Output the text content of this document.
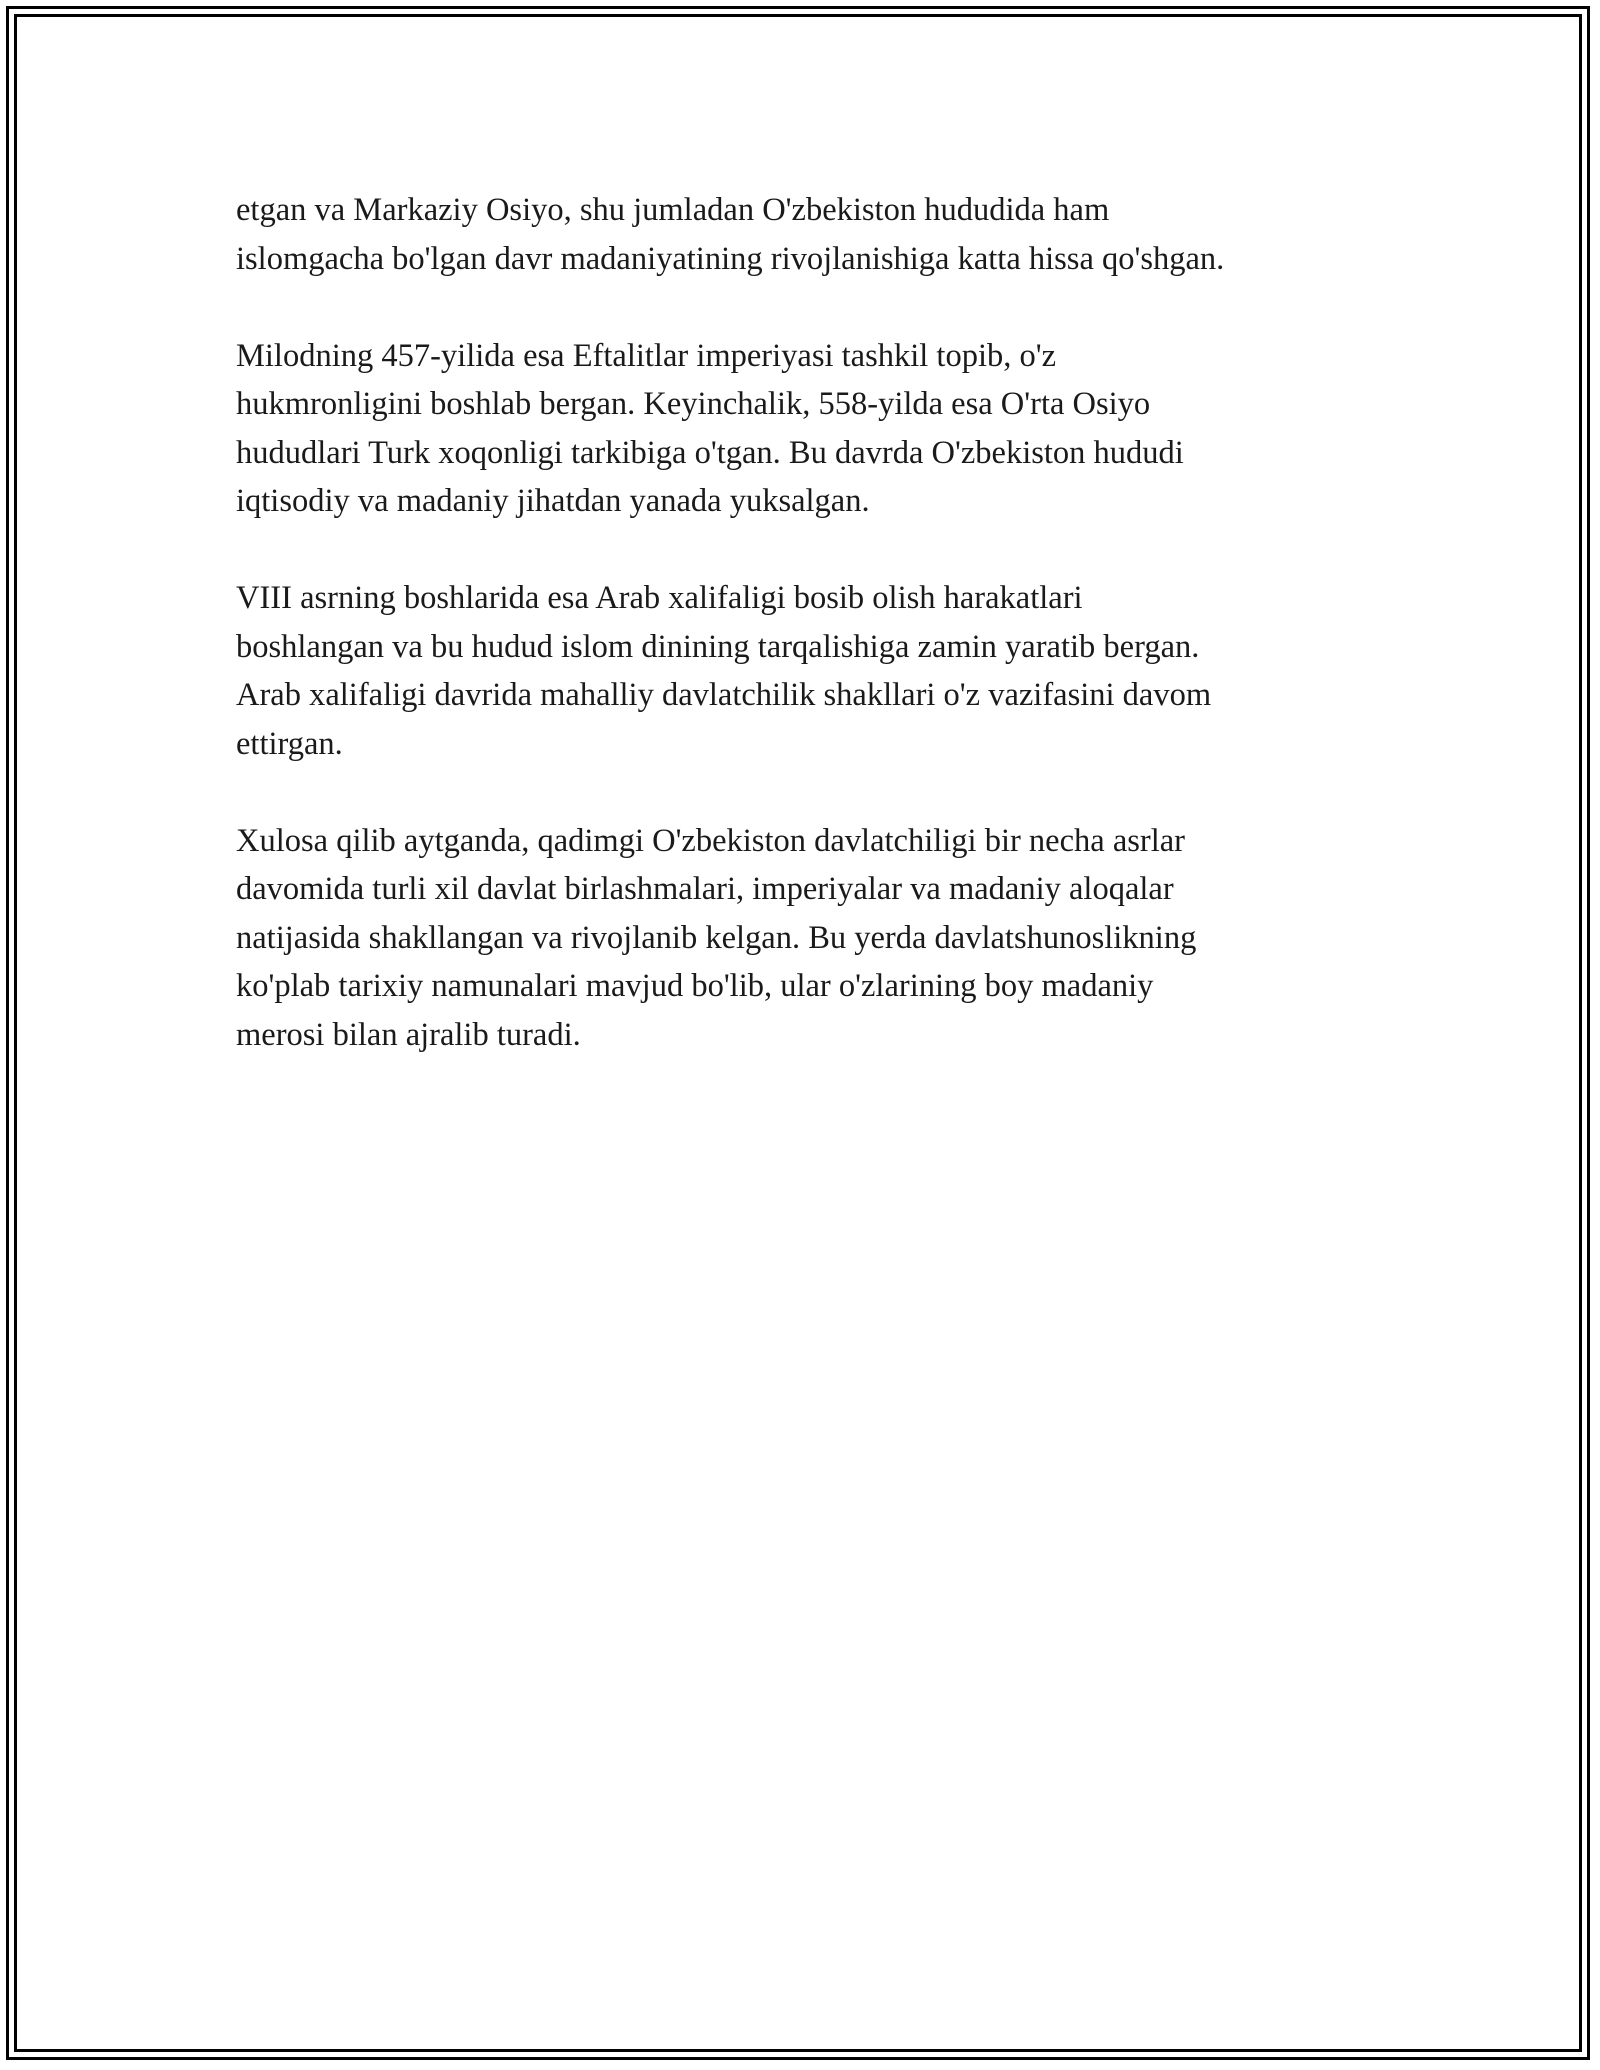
etgan va Markaziy Osiyo, shu jumladan O'zbekiston hududida ham
islomgacha bo'lgan davr madaniyatining rivojlanishiga katta hissa qo'shgan.

Milodning 457-yilida esa Eftalitlar imperiyasi tashkil topib, o'z
hukmronligini boshlab bergan. Keyinchalik, 558-yilda esa O'rta Osiyo
hududlari Turk xoqonligi tarkibiga o'tgan. Bu davrda O'zbekiston hududi
iqtisodiy va madaniy jihatdan yanada yuksalgan.

VIII asrning boshlarida esa Arab xalifaligi bosib olish harakatlari
boshlangan va bu hudud islom dinining tarqalishiga zamin yaratib bergan.
Arab xalifaligi davrida mahalliy davlatchilik shakllari o'z vazifasini davom
ettirgan.

Xulosa qilib aytganda, qadimgi O'zbekiston davlatchiligi bir necha asrlar
davomida turli xil davlat birlashmalari, imperiyalar va madaniy aloqalar
natijasida shakllangan va rivojlanib kelgan. Bu yerda davlatshunoslikning
ko'plab tarixiy namunalari mavjud bo'lib, ular o'zlarining boy madaniy
merosi bilan ajralib turadi.
